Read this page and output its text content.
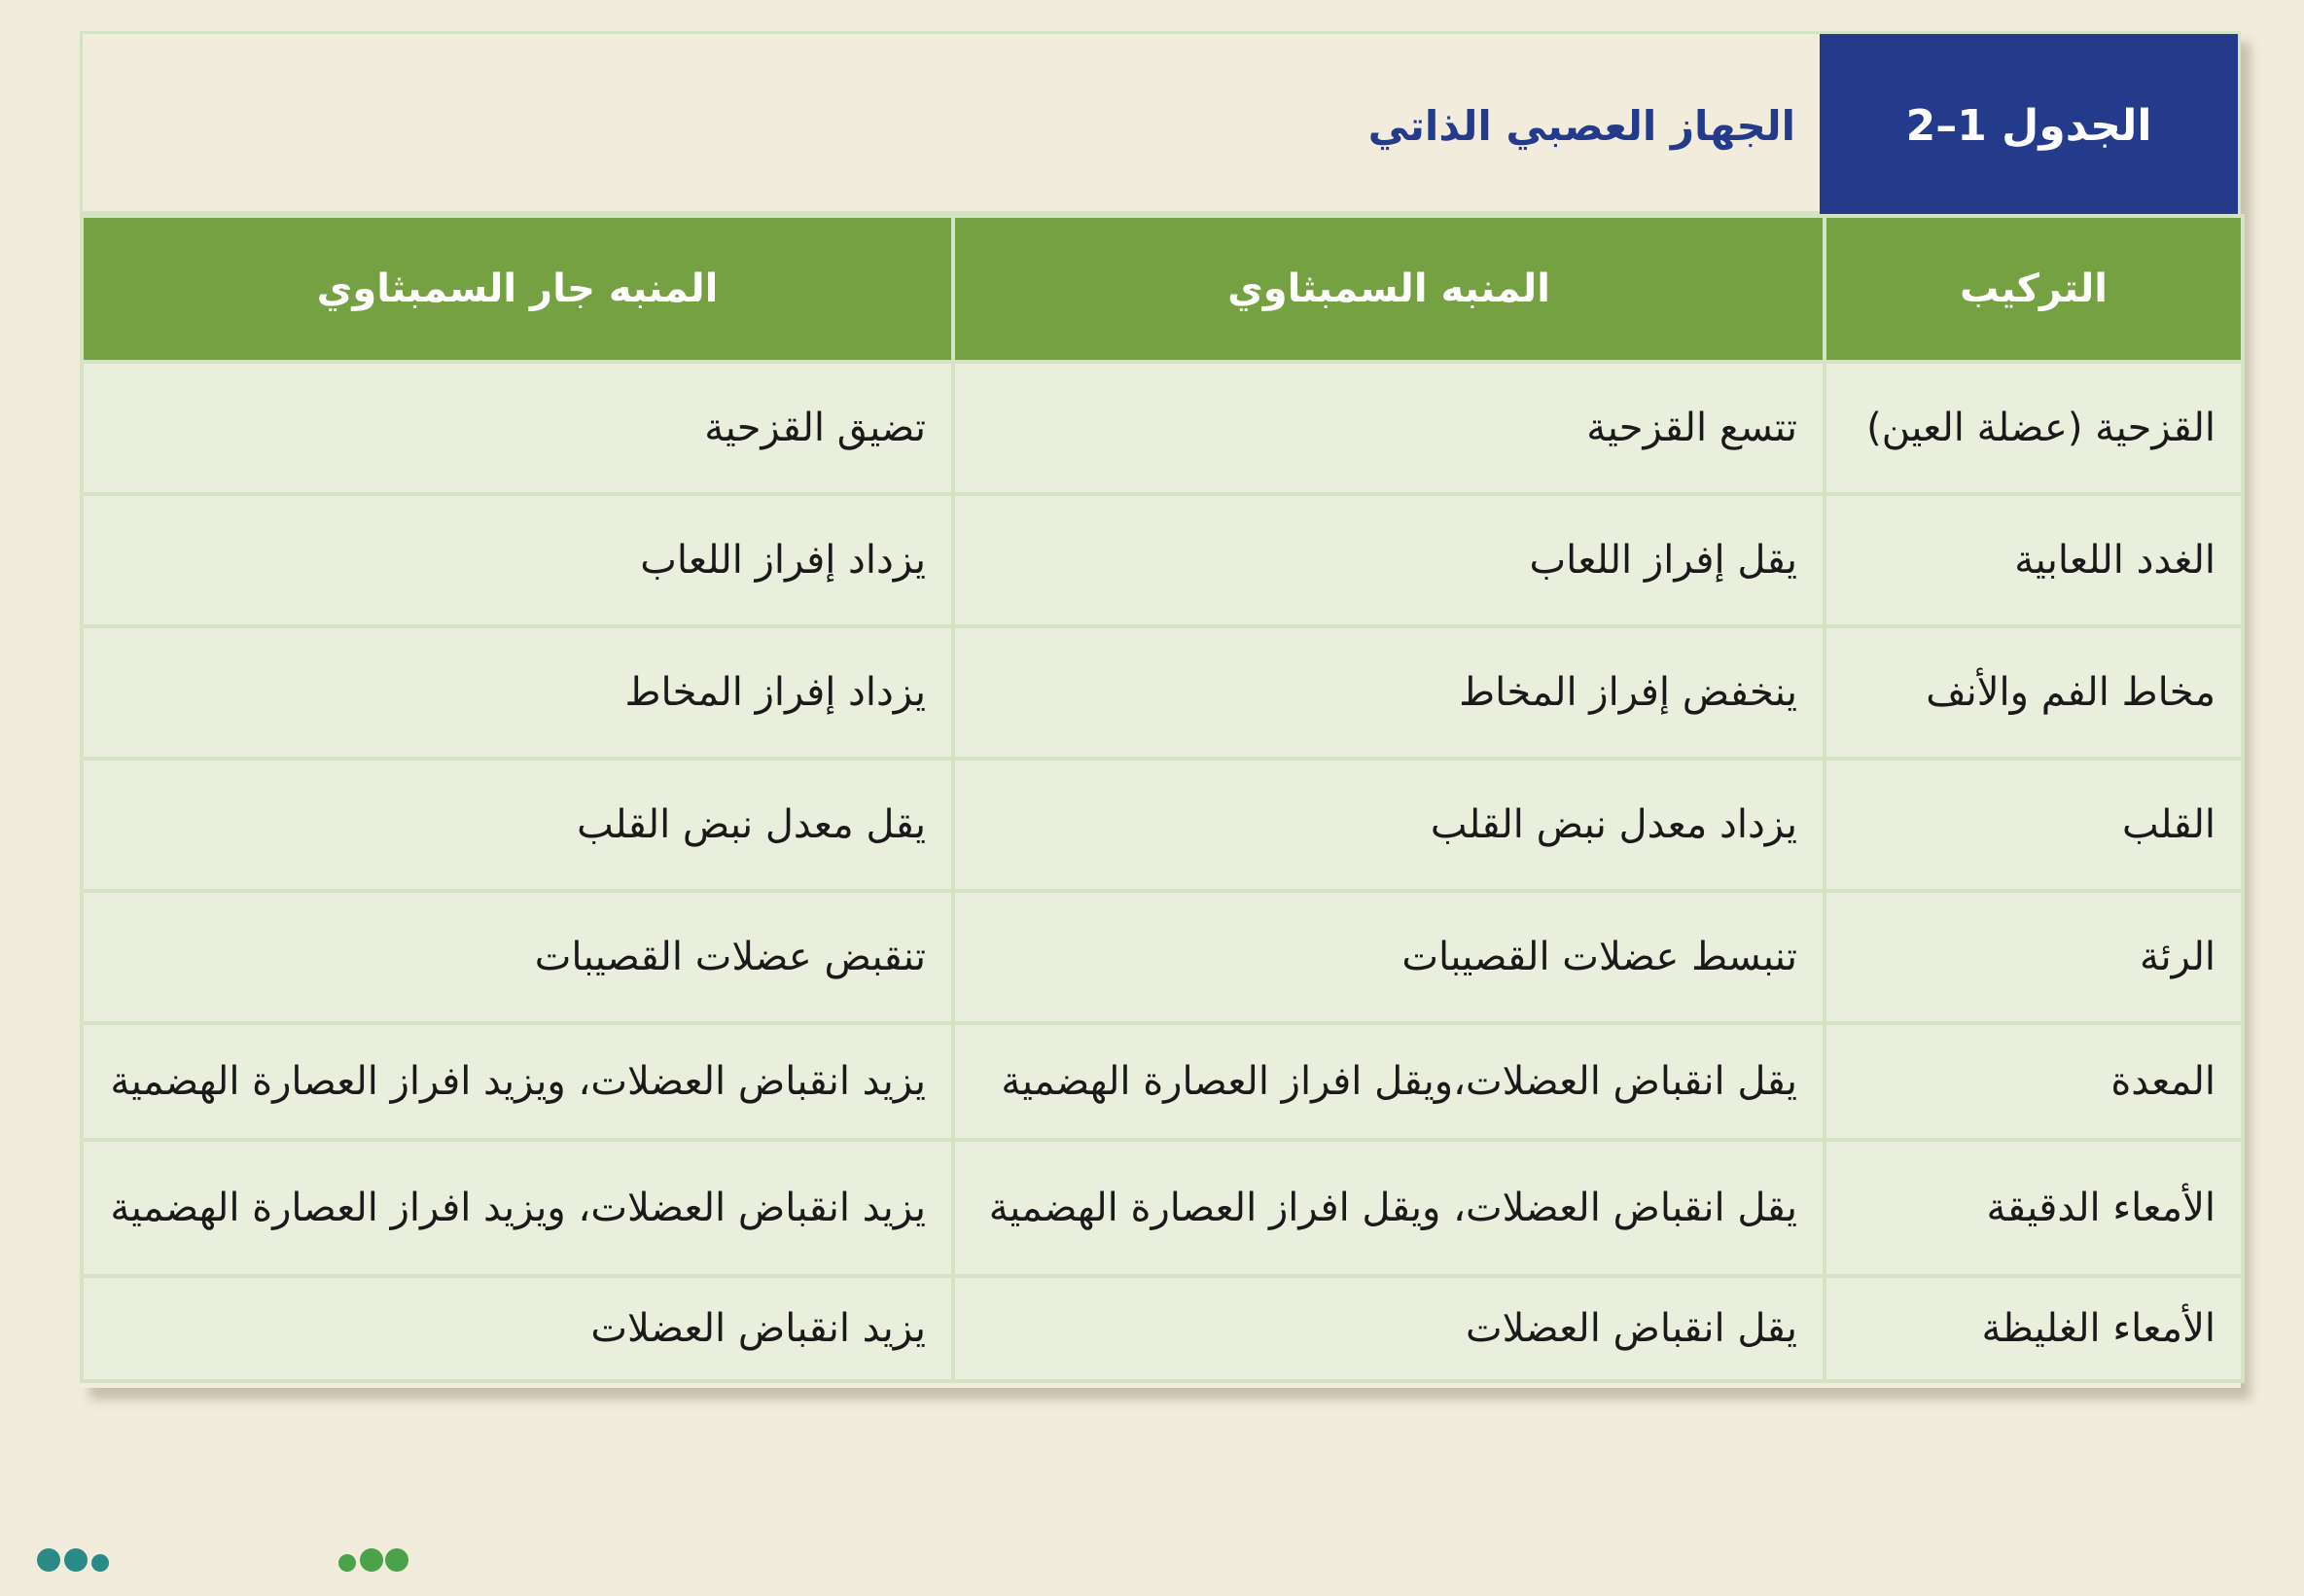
الجدول 1–2
الجهاز العصبي الذاتي
التركيب	المنبه السمبثاوي	المنبه جار السمبثاوي
القزحية (عضلة العين)	تتسع القزحية	تضيق القزحية
الغدد اللعابية	يقل إفراز اللعاب	يزداد إفراز اللعاب
مخاط الفم والأنف	ينخفض إفراز المخاط	يزداد إفراز المخاط
القلب	يزداد معدل نبض القلب	يقل معدل نبض القلب
الرئة	تنبسط عضلات القصيبات	تنقبض عضلات القصيبات
المعدة	يقل انقباض العضلات،ويقل افراز العصارة الهضمية	يزيد انقباض العضلات، ويزيد افراز العصارة الهضمية
الأمعاء الدقيقة	يقل انقباض العضلات، ويقل افراز العصارة الهضمية	يزيد انقباض العضلات، ويزيد افراز العصارة الهضمية
الأمعاء الغليظة	يقل انقباض العضلات	يزيد انقباض العضلات
